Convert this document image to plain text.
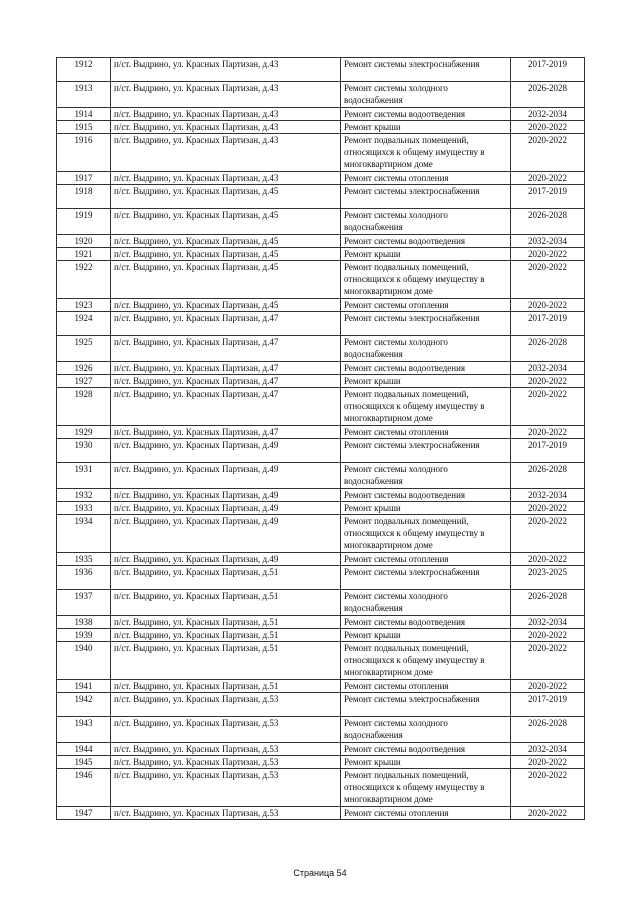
1912	п/ст. Выдрино, ул. Красных Партизан, д.43	Ремонт системы электроснабжения	2017-2019
1913	п/ст. Выдрино, ул. Красных Партизан, д.43	Ремонт системы холодного водоснабжения	2026-2028
1914	п/ст. Выдрино, ул. Красных Партизан, д.43	Ремонт системы водоотведения	2032-2034
1915	п/ст. Выдрино, ул. Красных Партизан, д.43	Ремонт крыши	2020-2022
1916	п/ст. Выдрино, ул. Красных Партизан, д.43	Ремонт подвальных помещений, относящихся к общему имуществу в многоквартирном доме	2020-2022
1917	п/ст. Выдрино, ул. Красных Партизан, д.43	Ремонт системы отопления	2020-2022
1918	п/ст. Выдрино, ул. Красных Партизан, д.45	Ремонт системы электроснабжения	2017-2019
1919	п/ст. Выдрино, ул. Красных Партизан, д.45	Ремонт системы холодного водоснабжения	2026-2028
1920	п/ст. Выдрино, ул. Красных Партизан, д.45	Ремонт системы водоотведения	2032-2034
1921	п/ст. Выдрино, ул. Красных Партизан, д.45	Ремонт крыши	2020-2022
1922	п/ст. Выдрино, ул. Красных Партизан, д.45	Ремонт подвальных помещений, относящихся к общему имуществу в многоквартирном доме	2020-2022
1923	п/ст. Выдрино, ул. Красных Партизан, д.45	Ремонт системы отопления	2020-2022
1924	п/ст. Выдрино, ул. Красных Партизан, д.47	Ремонт системы электроснабжения	2017-2019
1925	п/ст. Выдрино, ул. Красных Партизан, д.47	Ремонт системы холодного водоснабжения	2026-2028
1926	п/ст. Выдрино, ул. Красных Партизан, д.47	Ремонт системы водоотведения	2032-2034
1927	п/ст. Выдрино, ул. Красных Партизан, д.47	Ремонт крыши	2020-2022
1928	п/ст. Выдрино, ул. Красных Партизан, д.47	Ремонт подвальных помещений, относящихся к общему имуществу в многоквартирном доме	2020-2022
1929	п/ст. Выдрино, ул. Красных Партизан, д.47	Ремонт системы отопления	2020-2022
1930	п/ст. Выдрино, ул. Красных Партизан, д.49	Ремонт системы электроснабжения	2017-2019
1931	п/ст. Выдрино, ул. Красных Партизан, д.49	Ремонт системы холодного водоснабжения	2026-2028
1932	п/ст. Выдрино, ул. Красных Партизан, д.49	Ремонт системы водоотведения	2032-2034
1933	п/ст. Выдрино, ул. Красных Партизан, д.49	Ремонт крыши	2020-2022
1934	п/ст. Выдрино, ул. Красных Партизан, д.49	Ремонт подвальных помещений, относящихся к общему имуществу в многоквартирном доме	2020-2022
1935	п/ст. Выдрино, ул. Красных Партизан, д.49	Ремонт системы отопления	2020-2022
1936	п/ст. Выдрино, ул. Красных Партизан, д.51	Ремонт системы электроснабжения	2023-2025
1937	п/ст. Выдрино, ул. Красных Партизан, д.51	Ремонт системы холодного водоснабжения	2026-2028
1938	п/ст. Выдрино, ул. Красных Партизан, д.51	Ремонт системы водоотведения	2032-2034
1939	п/ст. Выдрино, ул. Красных Партизан, д.51	Ремонт крыши	2020-2022
1940	п/ст. Выдрино, ул. Красных Партизан, д.51	Ремонт подвальных помещений, относящихся к общему имуществу в многоквартирном доме	2020-2022
1941	п/ст. Выдрино, ул. Красных Партизан, д.51	Ремонт системы отопления	2020-2022
1942	п/ст. Выдрино, ул. Красных Партизан, д.53	Ремонт системы электроснабжения	2017-2019
1943	п/ст. Выдрино, ул. Красных Партизан, д.53	Ремонт системы холодного водоснабжения	2026-2028
1944	п/ст. Выдрино, ул. Красных Партизан, д.53	Ремонт системы водоотведения	2032-2034
1945	п/ст. Выдрино, ул. Красных Партизан, д.53	Ремонт крыши	2020-2022
1946	п/ст. Выдрино, ул. Красных Партизан, д.53	Ремонт подвальных помещений, относящихся к общему имуществу в многоквартирном доме	2020-2022
1947	п/ст. Выдрино, ул. Красных Партизан, д.53	Ремонт системы отопления	2020-2022
Страница 54
